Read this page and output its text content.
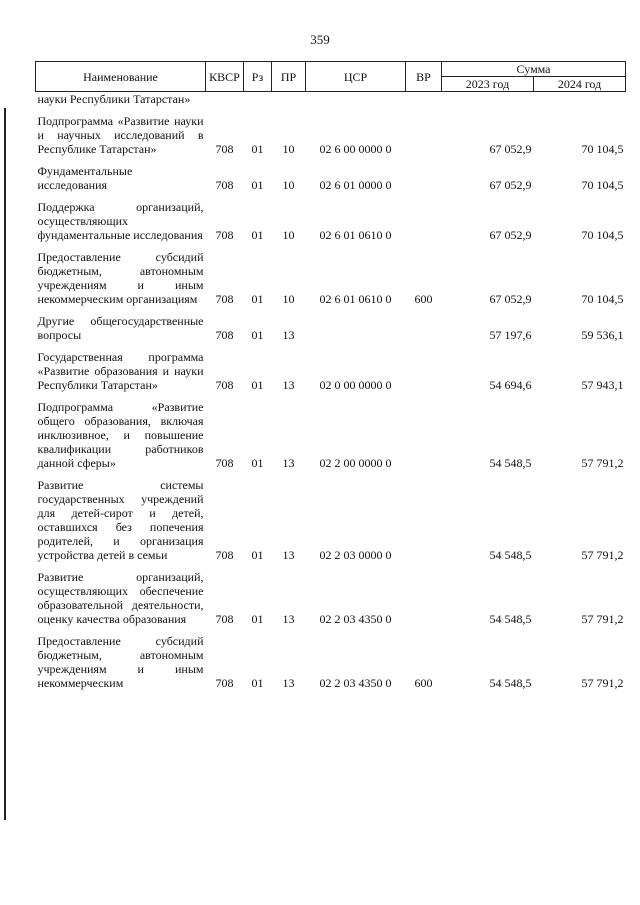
359
Наименование	КВСР	Рз	ПР	ЦСР	ВР	Сумма	
						2023 год	2024 год
науки Республики Татарстан»							
Подпрограмма «Развитие науки и научных исследований в Республике Татарстан»	708	01	10	02 6 00 0000 0		67 052,9	70 104,5
Фундаментальные исследования	708	01	10	02 6 01 0000 0		67 052,9	70 104,5
Поддержка организаций, осуществляющих фундаментальные исследования	708	01	10	02 6 01 0610 0		67 052,9	70 104,5
Предоставление субсидий бюджетным, автономным учреждениям и иным некоммерческим организациям	708	01	10	02 6 01 0610 0	600	67 052,9	70 104,5
Другие общегосударственные вопросы	708	01	13			57 197,6	59 536,1
Государственная программа «Развитие образования и науки Республики Татарстан»	708	01	13	02 0 00 0000 0		54 694,6	57 943,1
Подпрограмма «Развитие общего образования, включая инклюзивное, и повышение квалификации работников данной сферы»	708	01	13	02 2 00 0000 0		54 548,5	57 791,2
Развитие системы государственных учреждений для детей-сирот и детей, оставшихся без попечения родителей, и организация устройства детей в семьи	708	01	13	02 2 03 0000 0		54 548,5	57 791,2
Развитие организаций, осуществляющих обеспечение образовательной деятельности, оценку качества образования	708	01	13	02 2 03 4350 0		54 548,5	57 791,2
Предоставление субсидий бюджетным, автономным учреждениям и иным некоммерческим	708	01	13	02 2 03 4350 0	600	54 548,5	57 791,2
